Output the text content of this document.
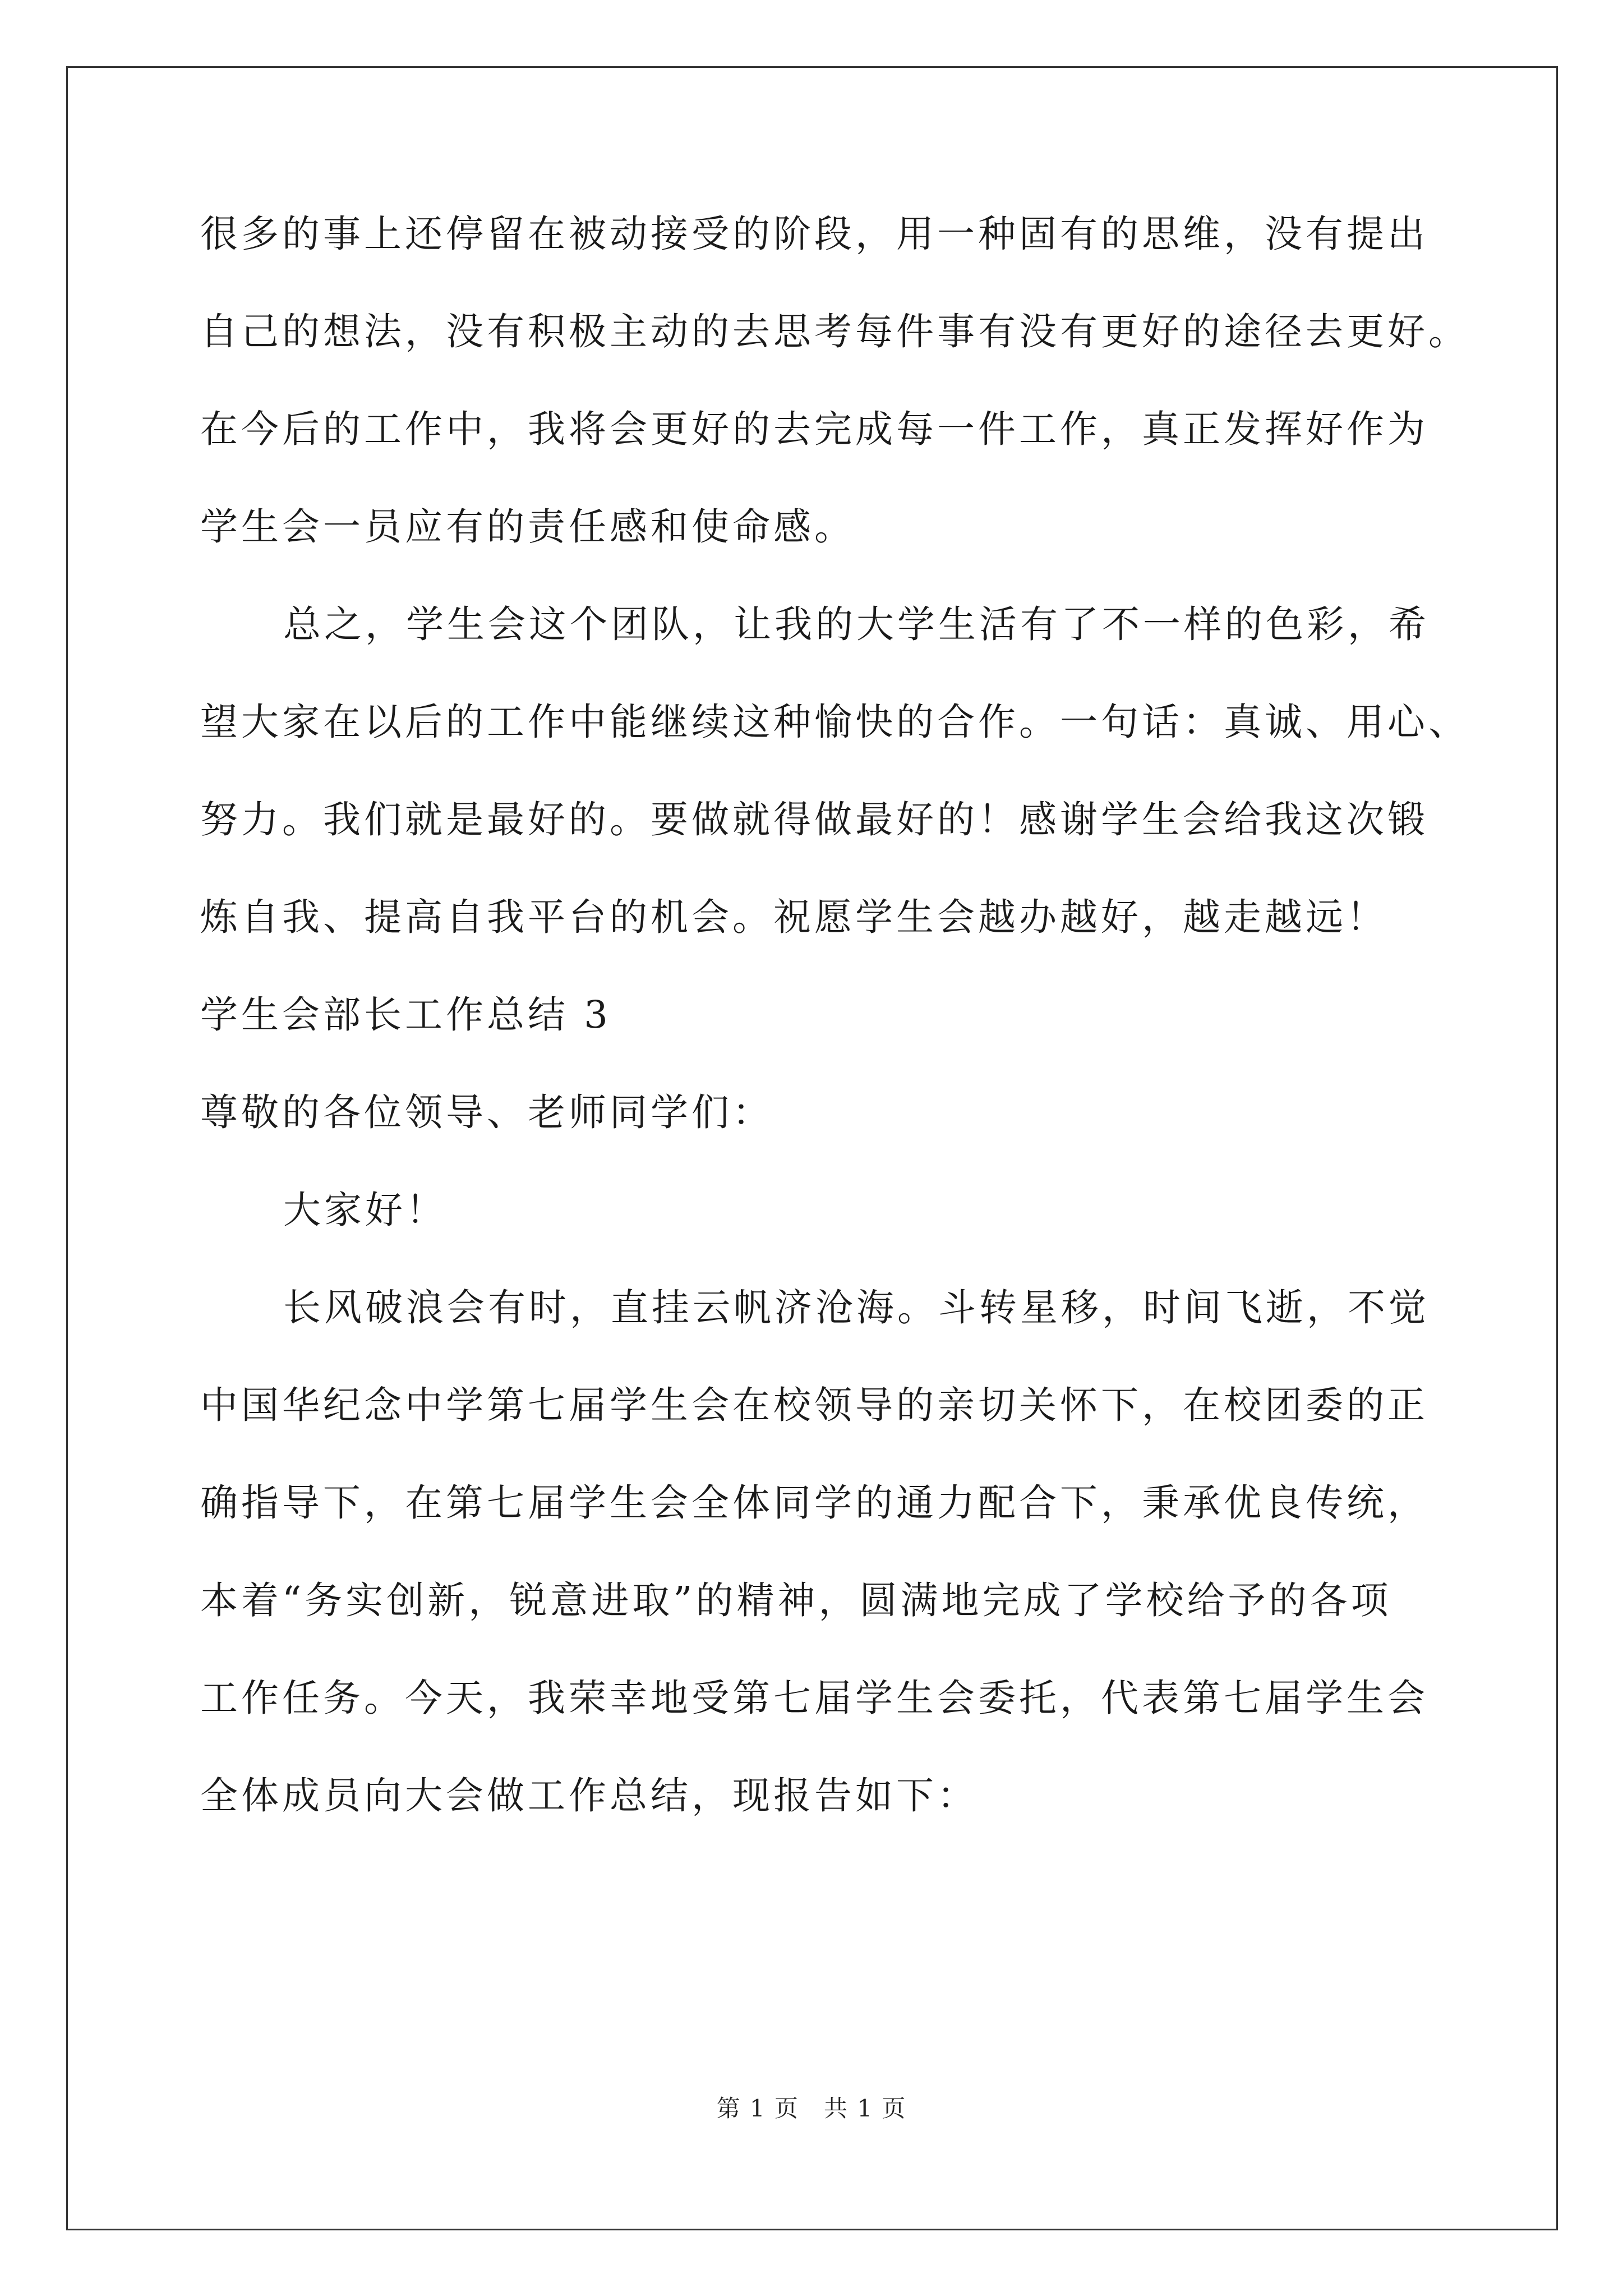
很多的事上还停留在被动接受的阶段，用一种固有的思维，没有提出

自己的想法，没有积极主动的去思考每件事有没有更好的途径去更好。

在今后的工作中，我将会更好的去完成每一件工作，真正发挥好作为

学生会一员应有的责任感和使命感。

总之，学生会这个团队，让我的大学生活有了不一样的色彩，希

望大家在以后的工作中能继续这种愉快的合作。一句话：真诚、用心、

努力。我们就是最好的。要做就得做最好的！感谢学生会给我这次锻

炼自我、提高自我平台的机会。祝愿学生会越办越好，越走越远！

学生会部长工作总结 3

尊敬的各位领导、老师同学们：

大家好！

长风破浪会有时，直挂云帆济沧海。斗转星移，时间飞逝，不觉

中国华纪念中学第七届学生会在校领导的亲切关怀下，在校团委的正

确指导下，在第七届学生会全体同学的通力配合下，秉承优良传统，

本着“务实创新，锐意进取”的精神，圆满地完成了学校给予的各项

工作任务。今天，我荣幸地受第七届学生会委托，代表第七届学生会

全体成员向大会做工作总结，现报告如下：

第 1 页 共 1 页
